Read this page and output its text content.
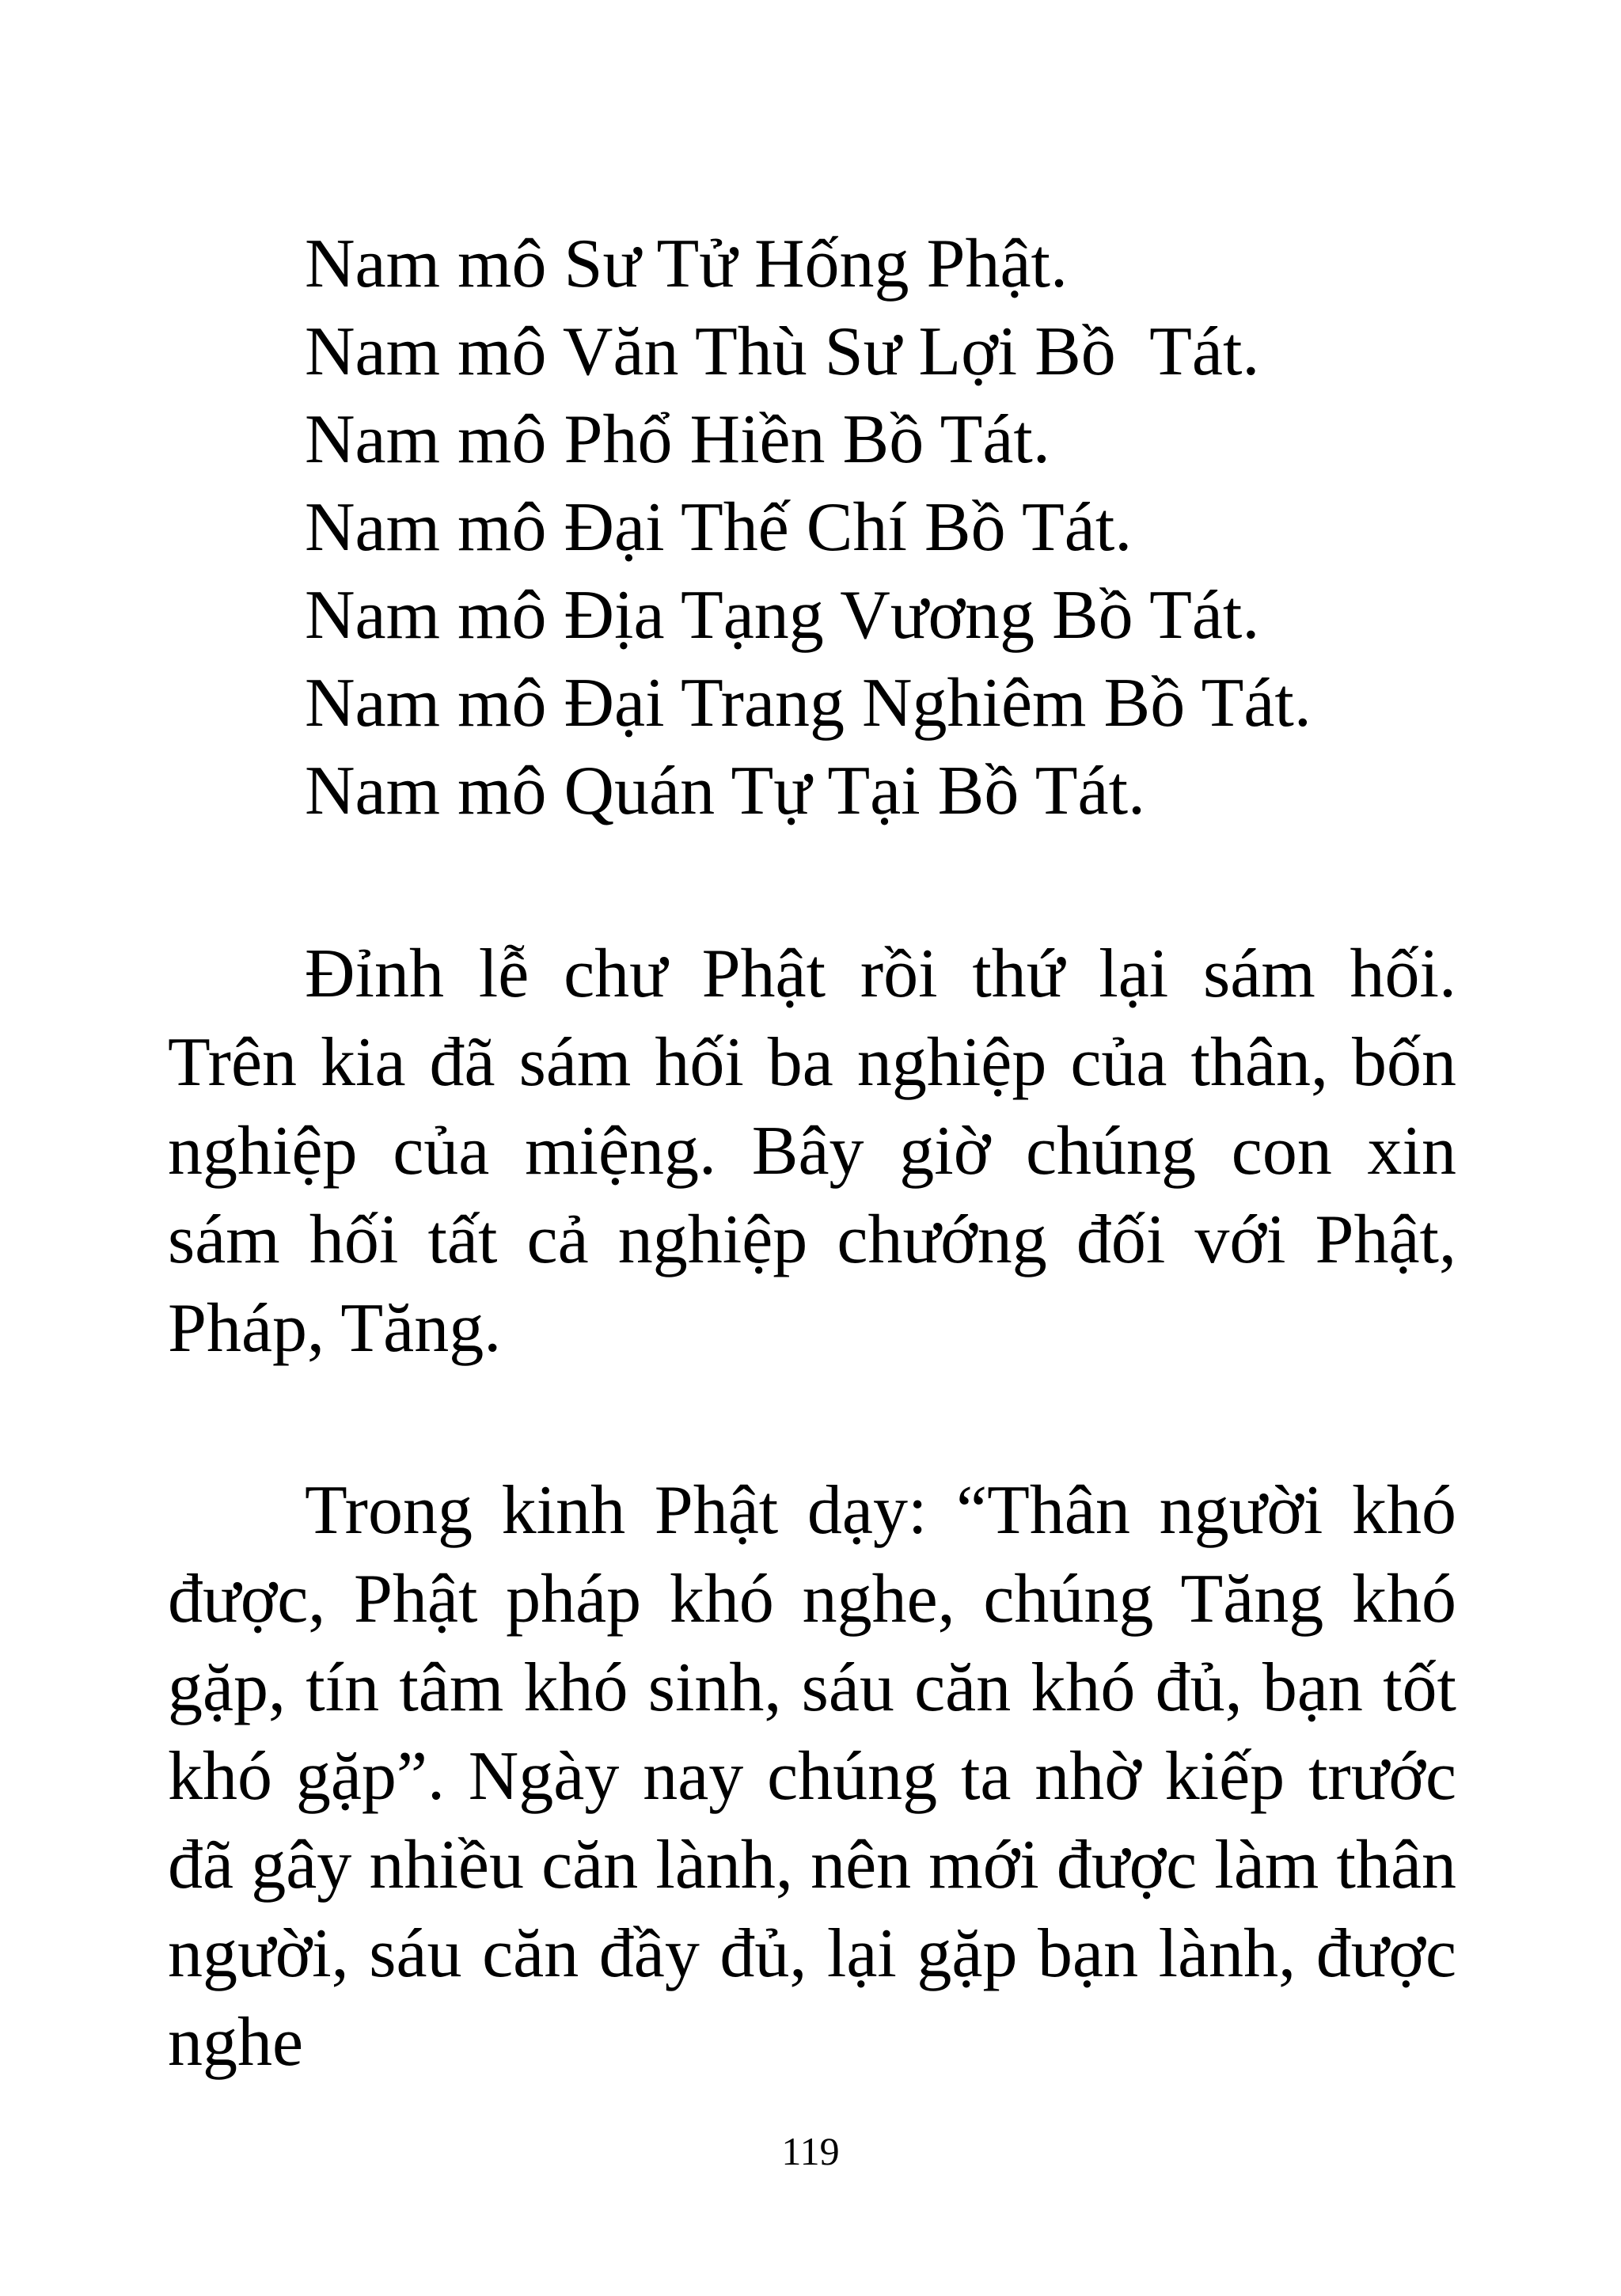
Nam mô Sư Tử Hống Phật.
Nam mô Văn Thù Sư Lợi Bồ  Tát.
Nam mô Phổ Hiền Bồ Tát.
Nam mô Đại Thế Chí Bồ Tát.
Nam mô Địa Tạng Vương Bồ Tát.
Nam mô Đại Trang Nghiêm Bồ Tát.
Nam mô Quán Tự Tại Bồ Tát.

Đỉnh lễ chư Phật rồi thứ lại sám hối. Trên kia đã sám hối ba nghiệp của thân, bốn nghiệp của miệng. Bây giờ chúng con xin sám hối tất cả nghiệp chướng đối với Phật, Pháp, Tăng.

Trong kinh Phật dạy: “Thân người khó được, Phật pháp khó nghe, chúng Tăng khó gặp, tín tâm khó sinh, sáu căn khó đủ, bạn tốt khó gặp”. Ngày nay chúng ta nhờ kiếp trước đã gây nhiều căn lành, nên mới được làm thân người, sáu căn đầy đủ, lại gặp bạn lành, được nghe

119
